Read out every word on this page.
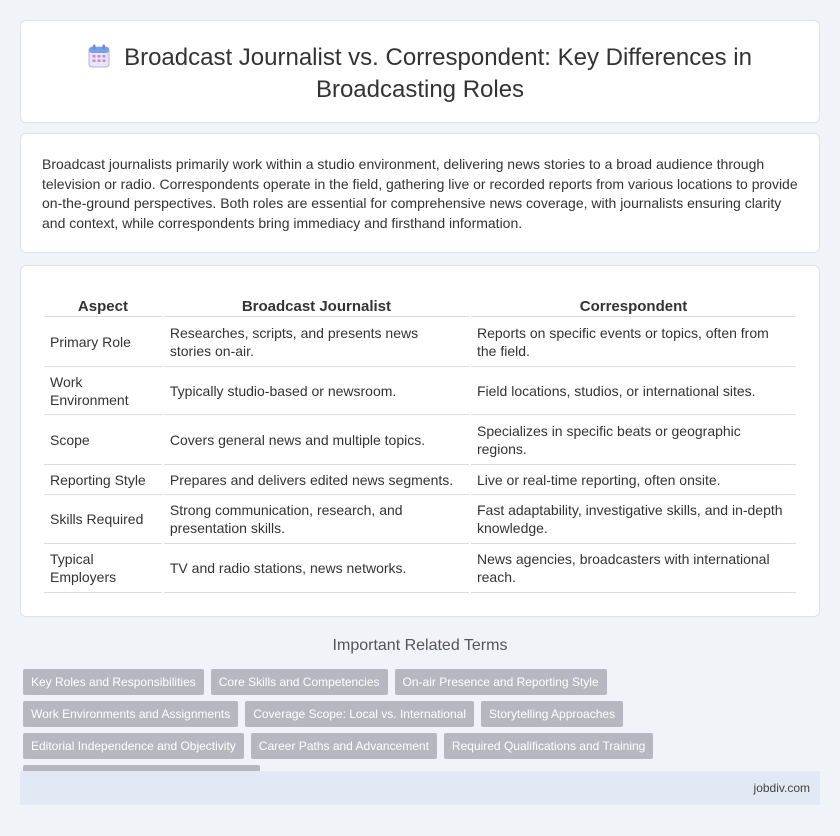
Broadcast Journalist vs. Correspondent: Key Differences in Broadcasting Roles

Broadcast journalists primarily work within a studio environment, delivering news stories to a broad audience through television or radio. Correspondents operate in the field, gathering live or recorded reports from various locations to provide on-the-ground perspectives. Both roles are essential for comprehensive news coverage, with journalists ensuring clarity and context, while correspondents bring immediacy and firsthand information.

Aspect	Broadcast Journalist	Correspondent
Primary Role	Researches, scripts, and presents news stories on-air.	Reports on specific events or topics, often from the field.
Work Environment	Typically studio-based or newsroom.	Field locations, studios, or international sites.
Scope	Covers general news and multiple topics.	Specializes in specific beats or geographic regions.
Reporting Style	Prepares and delivers edited news segments.	Live or real-time reporting, often onsite.
Skills Required	Strong communication, research, and presentation skills.	Fast adaptability, investigative skills, and in-depth knowledge.
Typical Employers	TV and radio stations, news networks.	News agencies, broadcasters with international reach.
Important Related Terms
Key Roles and Responsibilities	Core Skills and Competencies	On-air Presence and Reporting Style
Work Environments and Assignments	Coverage Scope: Local vs. International	Storytelling Approaches
Editorial Independence and Objectivity	Career Paths and Advancement	Required Qualifications and Training
jobdiv.com
